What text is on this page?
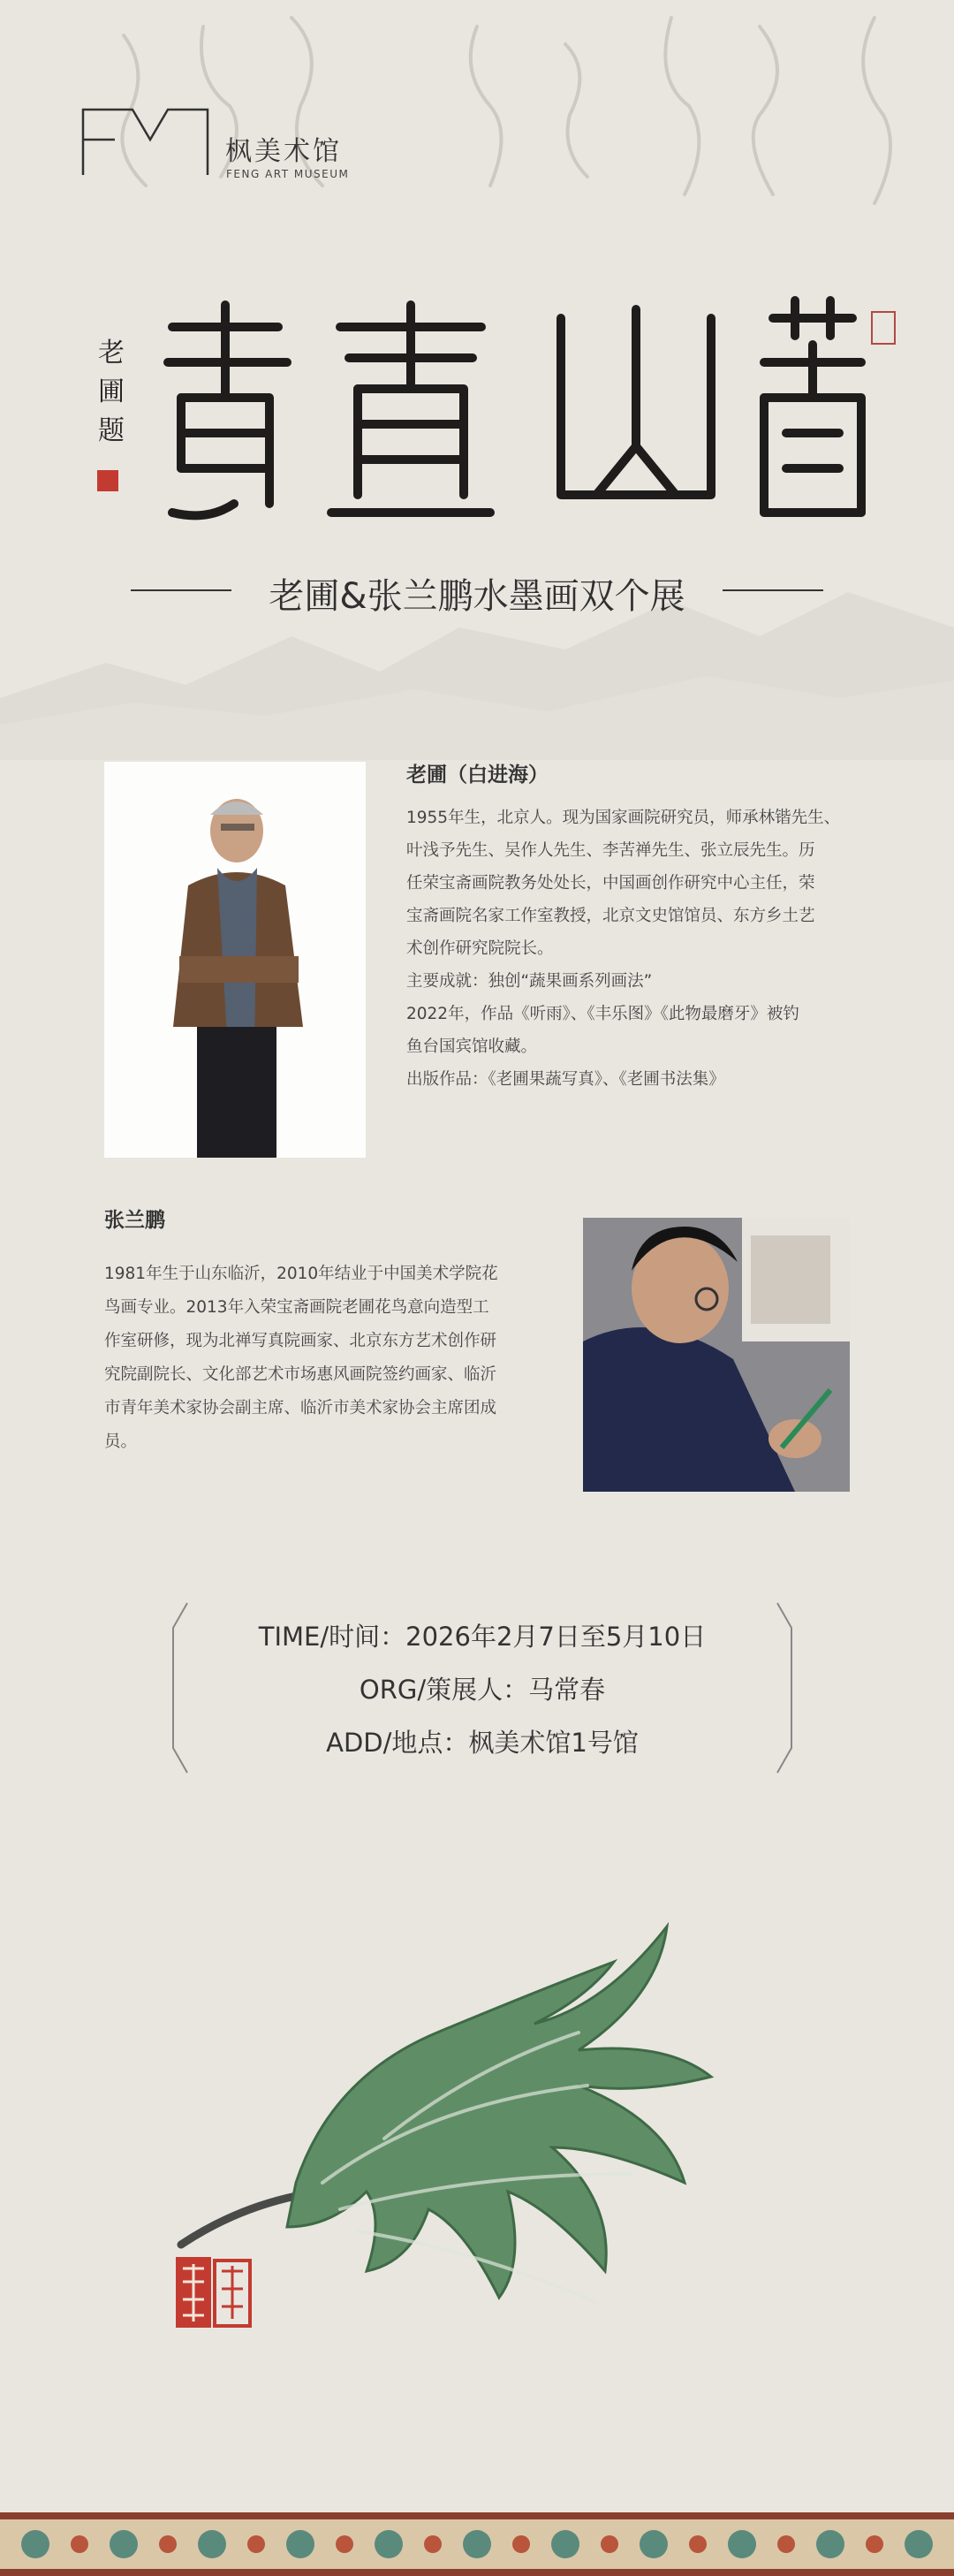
枫美术馆
FENG ART MUSEUM
老
圃
题
老圃&张兰鹏水墨画双个展
老圃（白进海）
1955年生，北京人。现为国家画院研究员，师承林锴先生、
叶浅予先生、吴作人先生、李苦禅先生、张立辰先生。历
任荣宝斋画院教务处处长，中国画创作研究中心主任，荣
宝斋画院名家工作室教授，北京文史馆馆员、东方乡土艺
术创作研究院院长。
主要成就：独创“蔬果画系列画法”
2022年，作品《听雨》、《丰乐图》《此物最磨牙》被钓
鱼台国宾馆收藏。
出版作品：《老圃果蔬写真》、《老圃书法集》
张兰鹏
1981年生于山东临沂，2010年结业于中国美术学院花
鸟画专业。2013年入荣宝斋画院老圃花鸟意向造型工
作室研修，现为北禅写真院画家、北京东方艺术创作研
究院副院长、文化部艺术市场惠风画院签约画家、临沂
市青年美术家协会副主席、临沂市美术家协会主席团成
员。
TIME/时间：2026年2月7日至5月10日
ORG/策展人：马常春
ADD/地点：枫美术馆1号馆
